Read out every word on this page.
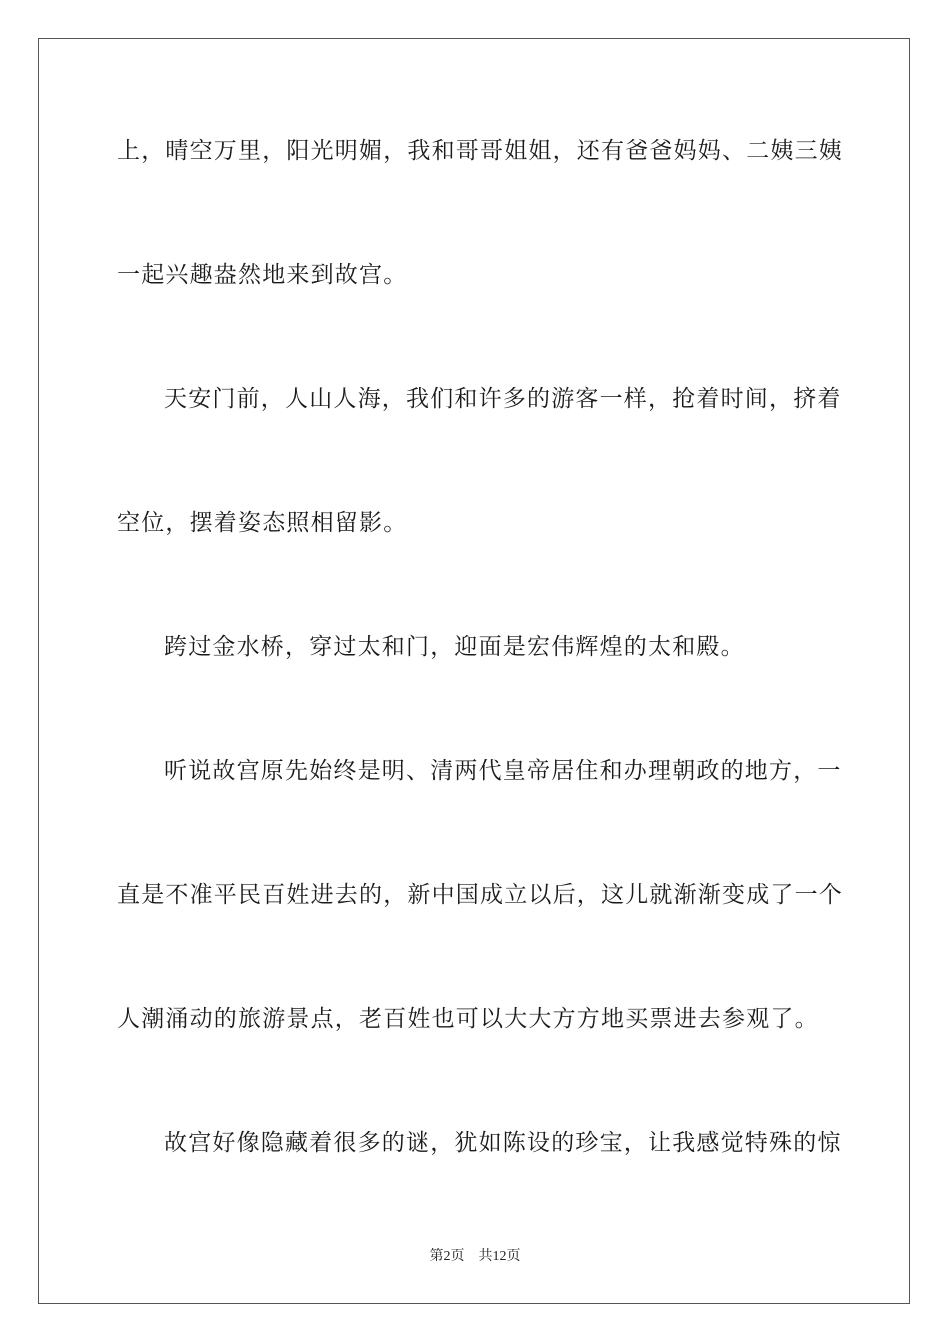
上，晴空万里，阳光明媚，我和哥哥姐姐，还有爸爸妈妈、二姨三姨
一起兴趣盎然地来到故宫。
天安门前，人山人海，我们和许多的游客一样，抢着时间，挤着
空位，摆着姿态照相留影。
跨过金水桥，穿过太和门，迎面是宏伟辉煌的太和殿。
听说故宫原先始终是明、清两代皇帝居住和办理朝政的地方，一
直是不准平民百姓进去的，新中国成立以后，这儿就渐渐变成了一个
人潮涌动的旅游景点，老百姓也可以大大方方地买票进去参观了。
故宫好像隐藏着很多的谜，犹如陈设的珍宝，让我感觉特殊的惊
第2页 共12页
